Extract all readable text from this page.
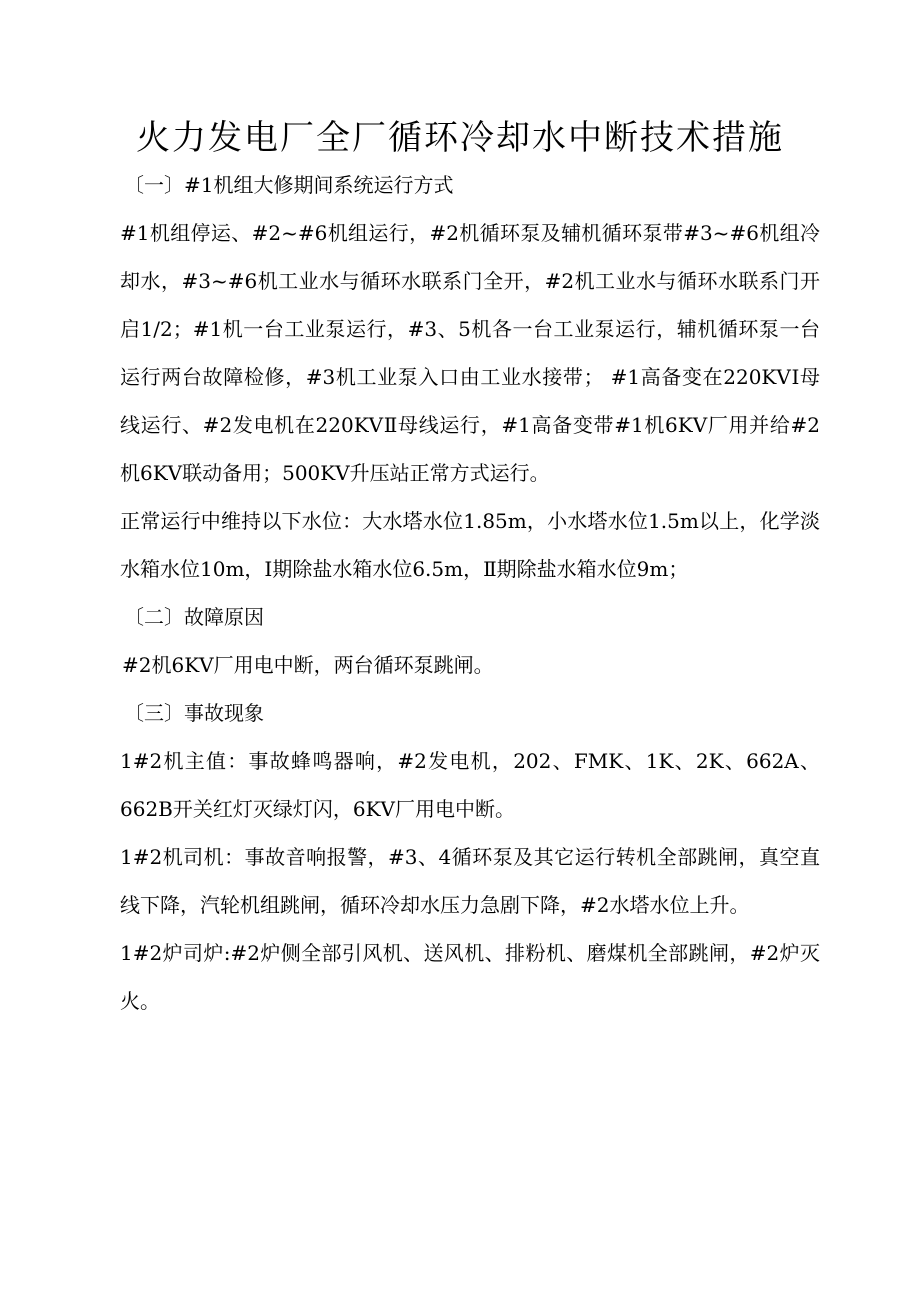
火力发电厂全厂循环冷却水中断技术措施

〔一〕#1机组大修期间系统运行方式

#1机组停运、#2~#6机组运行，#2机循环泵及辅机循环泵带#3~#6机组冷却水，#3~#6机工业水与循环水联系门全开，#2机工业水与循环水联系门开启1/2；#1机一台工业泵运行，#3、5机各一台工业泵运行，辅机循环泵一台运行两台故障检修，#3机工业泵入口由工业水接带； #1高备变在220KVⅠ母线运行、#2发电机在220KVⅡ母线运行，#1高备变带#1机6KV厂用并给#2机6KV联动备用；500KV升压站正常方式运行。

正常运行中维持以下水位：大水塔水位1.85m，小水塔水位1.5m以上，化学淡水箱水位10m，Ⅰ期除盐水箱水位6.5m，Ⅱ期除盐水箱水位9m；

〔二〕故障原因

#2机6KV厂用电中断，两台循环泵跳闸。

〔三〕事故现象

1#2机主值：事故蜂鸣器响，#2发电机，202、FMK、1K、2K、662A、662B开关红灯灭绿灯闪，6KV厂用电中断。

1#2机司机：事故音响报警，#3、4循环泵及其它运行转机全部跳闸，真空直线下降，汽轮机组跳闸，循环冷却水压力急剧下降，#2水塔水位上升。

1#2炉司炉:#2炉侧全部引风机、送风机、排粉机、磨煤机全部跳闸，#2炉灭火。
